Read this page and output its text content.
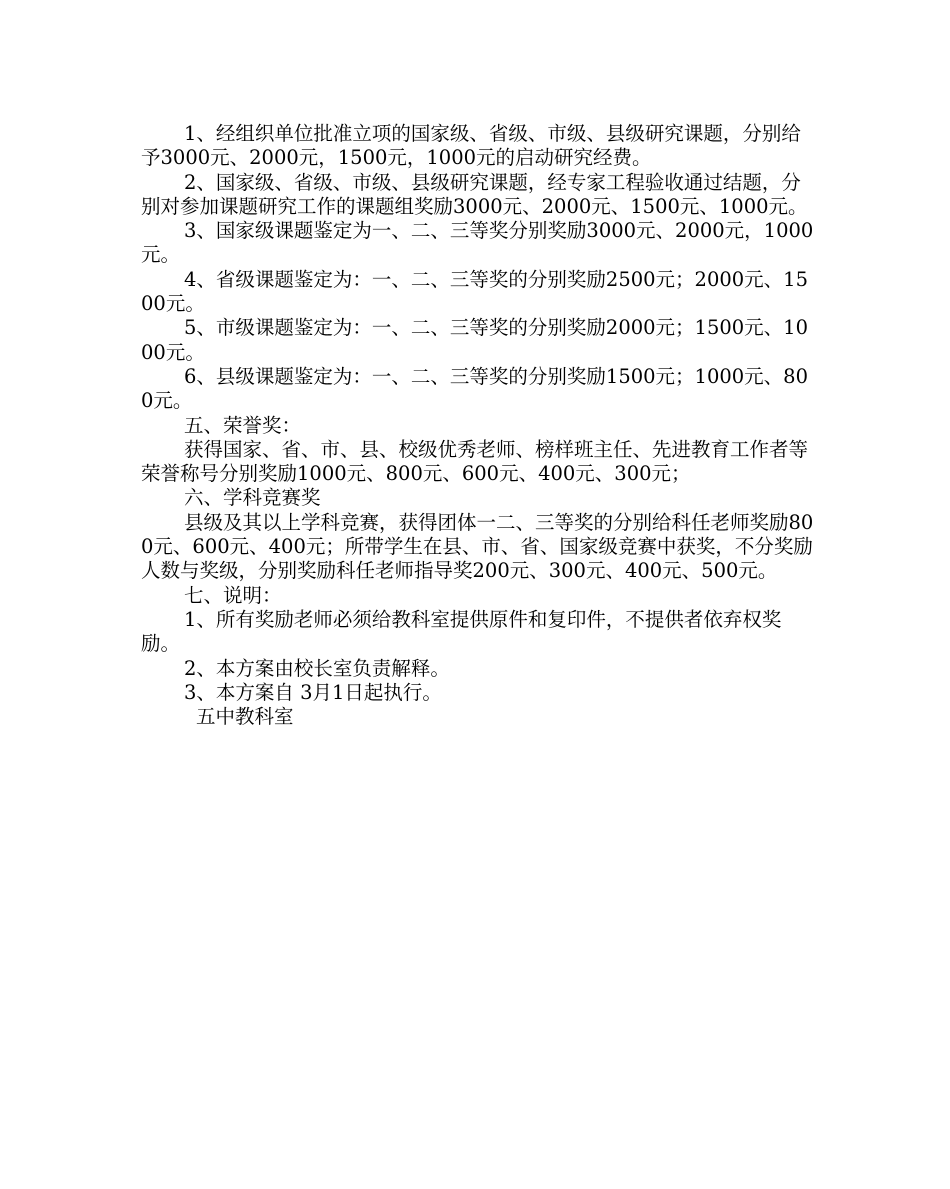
1、经组织单位批准立项的国家级、省级、市级、县级研究课题，分别给予3000元、2000元，1500元，1000元的启动研究经费。

2、国家级、省级、市级、县级研究课题，经专家工程验收通过结题，分别对参加课题研究工作的课题组奖励3000元、2000元、1500元、1000元。

3、国家级课题鉴定为一、二、三等奖分别奖励3000元、2000元，1000元。

4、省级课题鉴定为：一、二、三等奖的分别奖励2500元；2000元、1500元。

5、市级课题鉴定为：一、二、三等奖的分别奖励2000元；1500元、1000元。

6、县级课题鉴定为：一、二、三等奖的分别奖励1500元；1000元、800元。

五、荣誉奖：

获得国家、省、市、县、校级优秀老师、榜样班主任、先进教育工作者等荣誉称号分别奖励1000元、800元、600元、400元、300元；

六、学科竞赛奖

县级及其以上学科竞赛，获得团体一二、三等奖的分别给科任老师奖励800元、600元、400元；所带学生在县、市、省、国家级竞赛中获奖，不分奖励人数与奖级，分别奖励科任老师指导奖200元、300元、400元、500元。

七、说明：

1、所有奖励老师必须给教科室提供原件和复印件，不提供者依弃权奖励。

2、本方案由校长室负责解释。

3、本方案自 3月1日起执行。

五中教科室
